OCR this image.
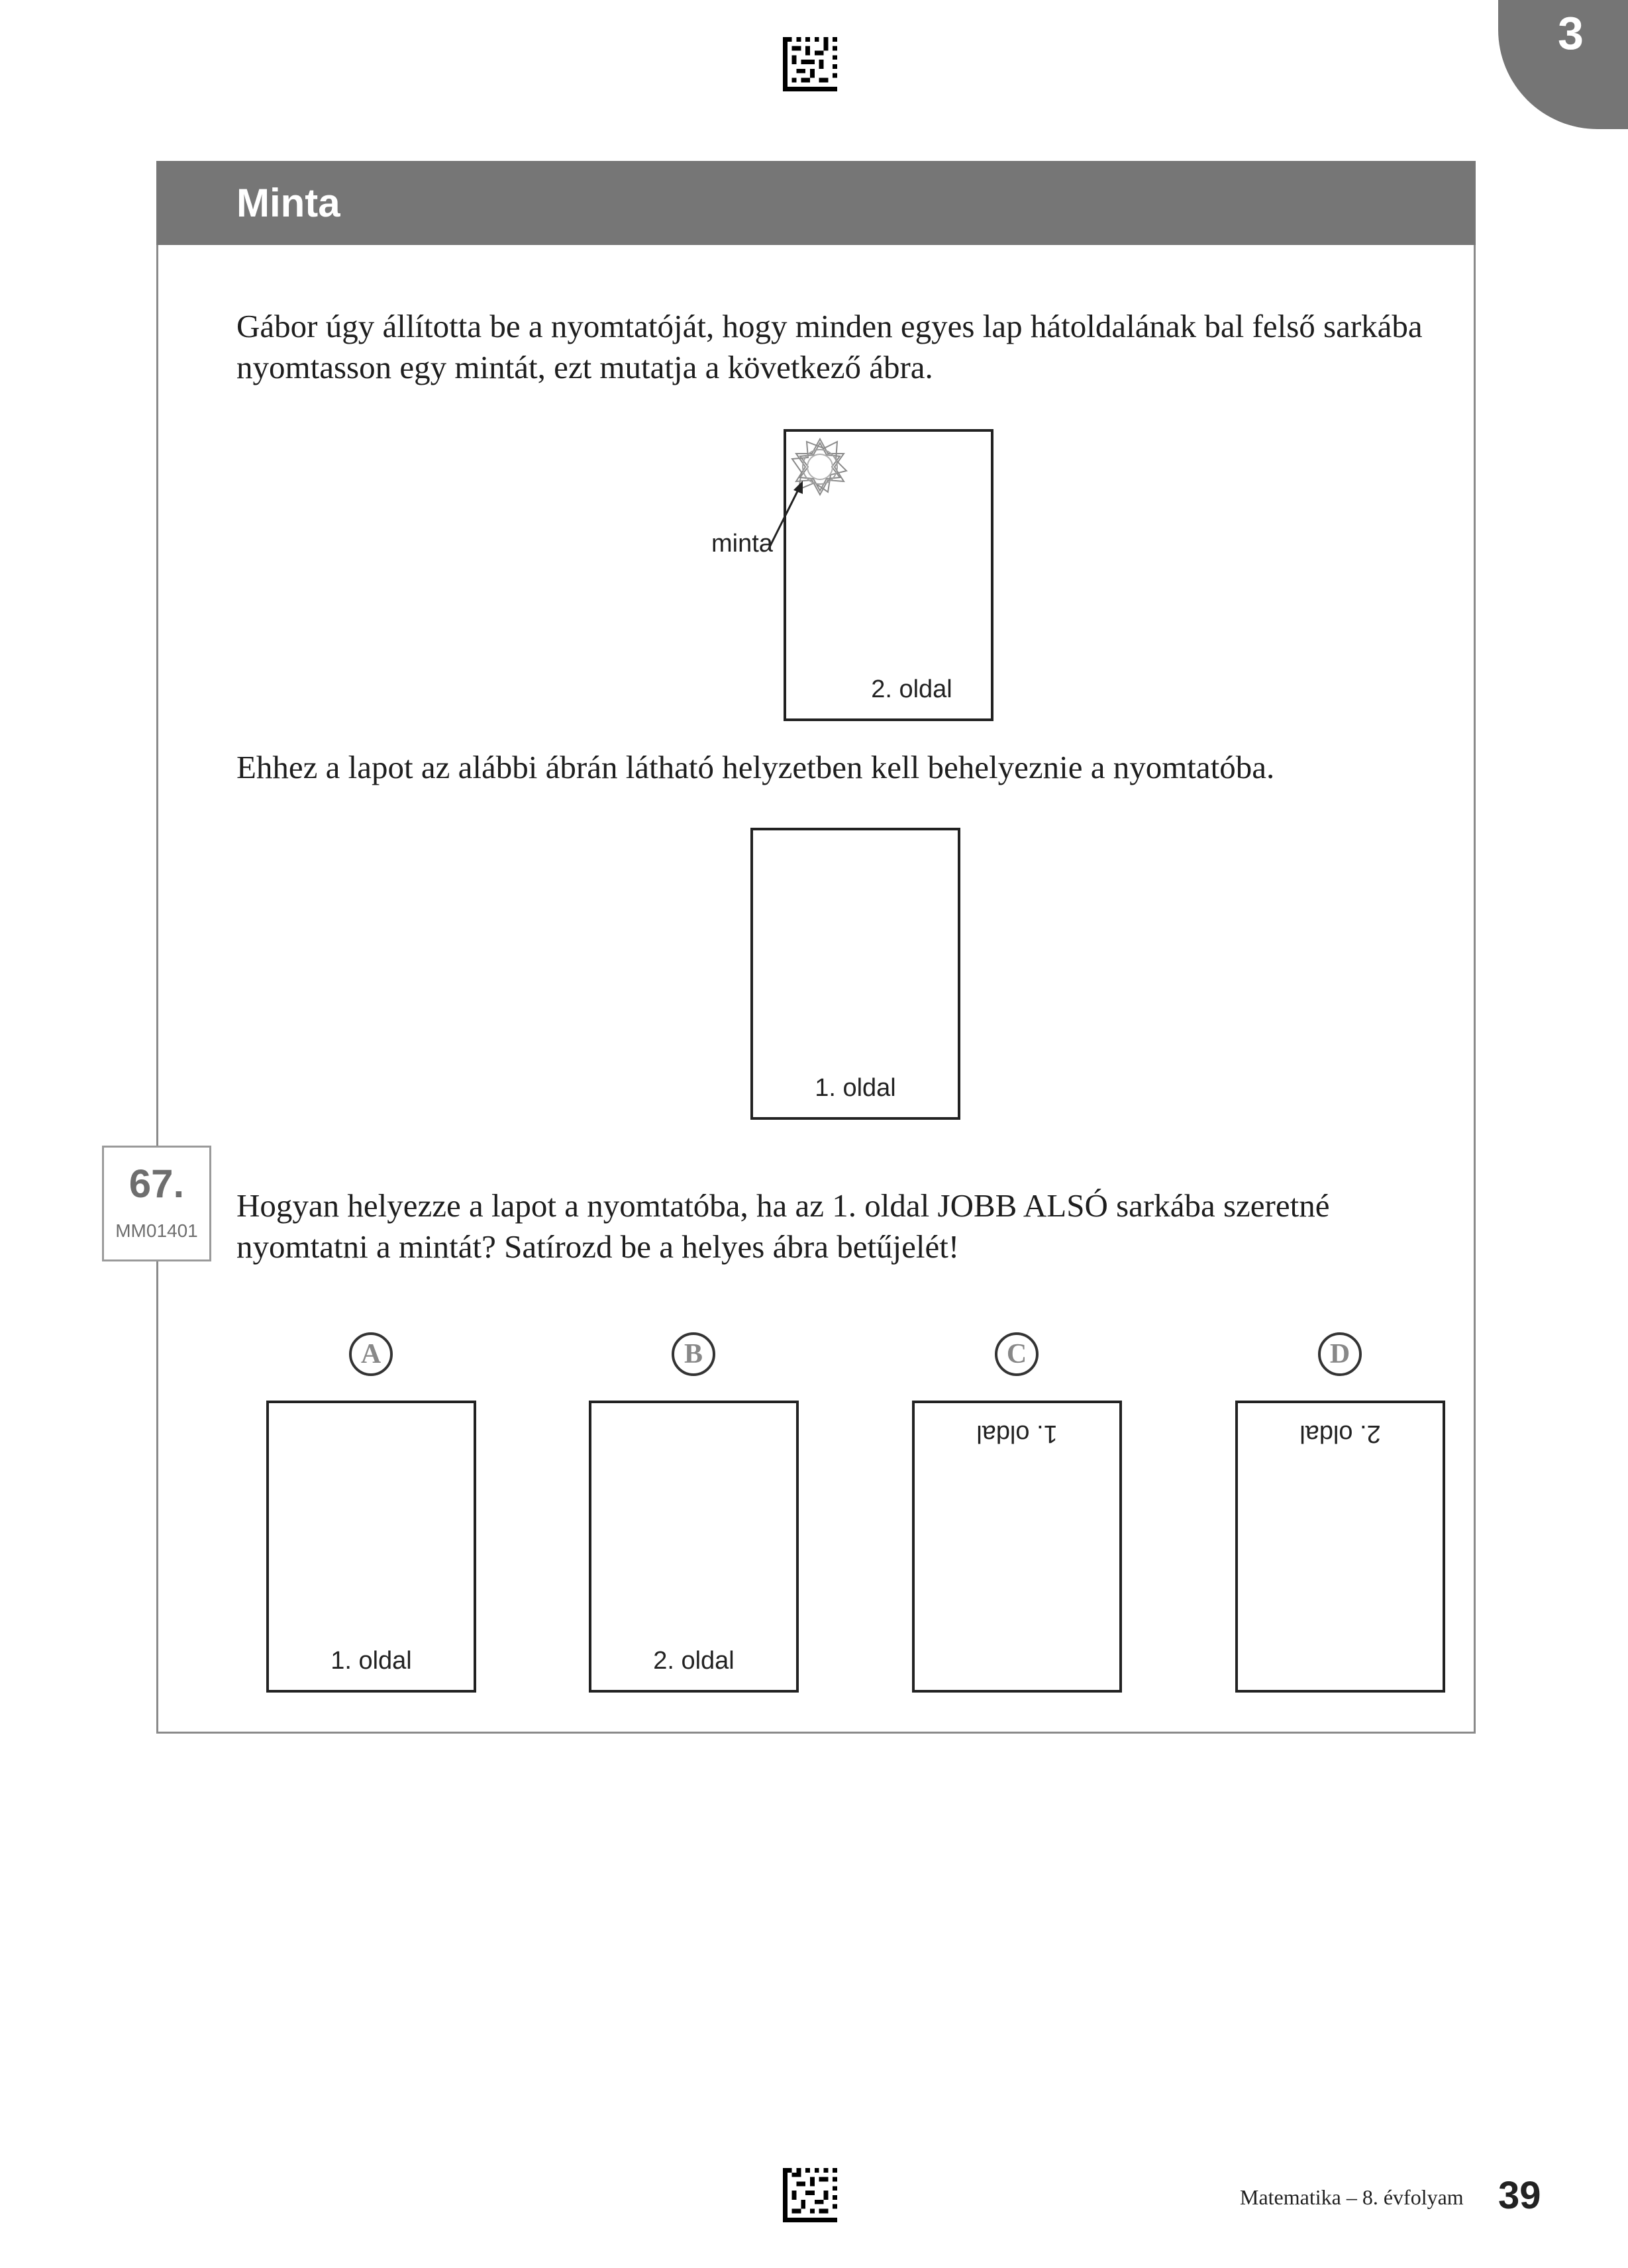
3
Minta
Gábor úgy állította be a nyomtatóját, hogy minden egyes lap hátoldalának bal felső sarkába
nyomtasson egy mintát, ezt mutatja a következő ábra.
2. oldal
minta
Ehhez a lapot az alábbi ábrán látható helyzetben kell behelyeznie a nyomtatóba.
1. oldal
67.
MM01401
Hogyan helyezze a lapot a nyomtatóba, ha az 1. oldal JOBB ALSÓ sarkába szeretné
nyomtatni a mintát? Satírozd be a helyes ábra betűjelét!
A
1. oldal
B
2. oldal
C
1. oldal
D
2. oldal
Matematika – 8. évfolyam 39
